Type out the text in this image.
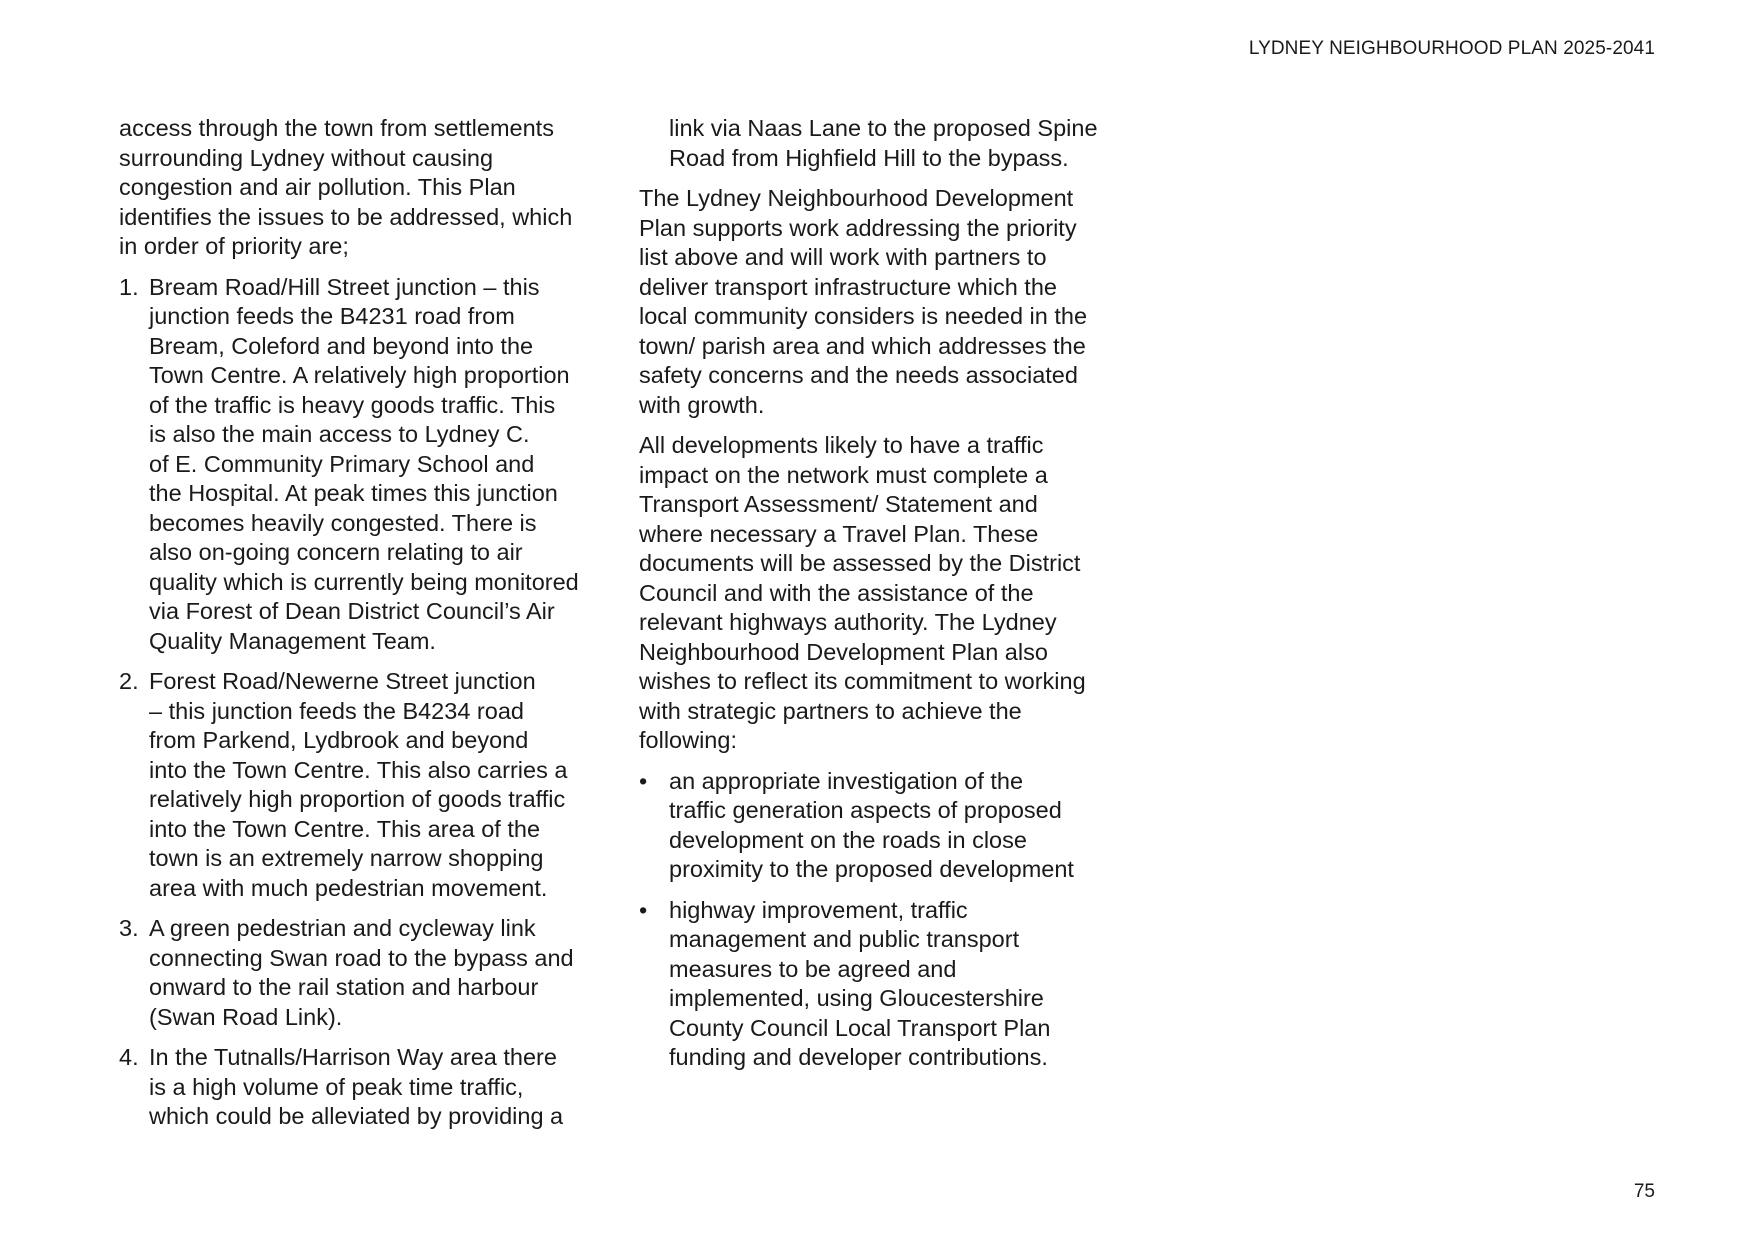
LYDNEY NEIGHBOURHOOD PLAN 2025-2041

access through the town from settlements
surrounding Lydney without causing
congestion and air pollution. This Plan
identifies the issues to be addressed, which
in order of priority are;

1. Bream Road/Hill Street junction – this
junction feeds the B4231 road from
Bream, Coleford and beyond into the
Town Centre. A relatively high proportion
of the traffic is heavy goods traffic. This
is also the main access to Lydney C.
of E. Community Primary School and
the Hospital. At peak times this junction
becomes heavily congested. There is
also on-going concern relating to air
quality which is currently being monitored
via Forest of Dean District Council’s Air
Quality Management Team.
2. Forest Road/Newerne Street junction
– this junction feeds the B4234 road
from Parkend, Lydbrook and beyond
into the Town Centre. This also carries a
relatively high proportion of goods traffic
into the Town Centre. This area of the
town is an extremely narrow shopping
area with much pedestrian movement.
3. A green pedestrian and cycleway link
connecting Swan road to the bypass and
onward to the rail station and harbour
(Swan Road Link).
4. In the Tutnalls/Harrison Way area there
is a high volume of peak time traffic,
which could be alleviated by providing a
link via Naas Lane to the proposed Spine
Road from Highfield Hill to the bypass.

The Lydney Neighbourhood Development
Plan supports work addressing the priority
list above and will work with partners to
deliver transport infrastructure which the
local community considers is needed in the
town/ parish area and which addresses the
safety concerns and the needs associated
with growth.

All developments likely to have a traffic
impact on the network must complete a
Transport Assessment/ Statement and
where necessary a Travel Plan. These
documents will be assessed by the District
Council and with the assistance of the
relevant highways authority. The Lydney
Neighbourhood Development Plan also
wishes to reflect its commitment to working
with strategic partners to achieve the
following:

• an appropriate investigation of the
traffic generation aspects of proposed
development on the roads in close
proximity to the proposed development
• highway improvement, traffic
management and public transport
measures to be agreed and
implemented, using Gloucestershire
County Council Local Transport Plan
funding and developer contributions.
75
